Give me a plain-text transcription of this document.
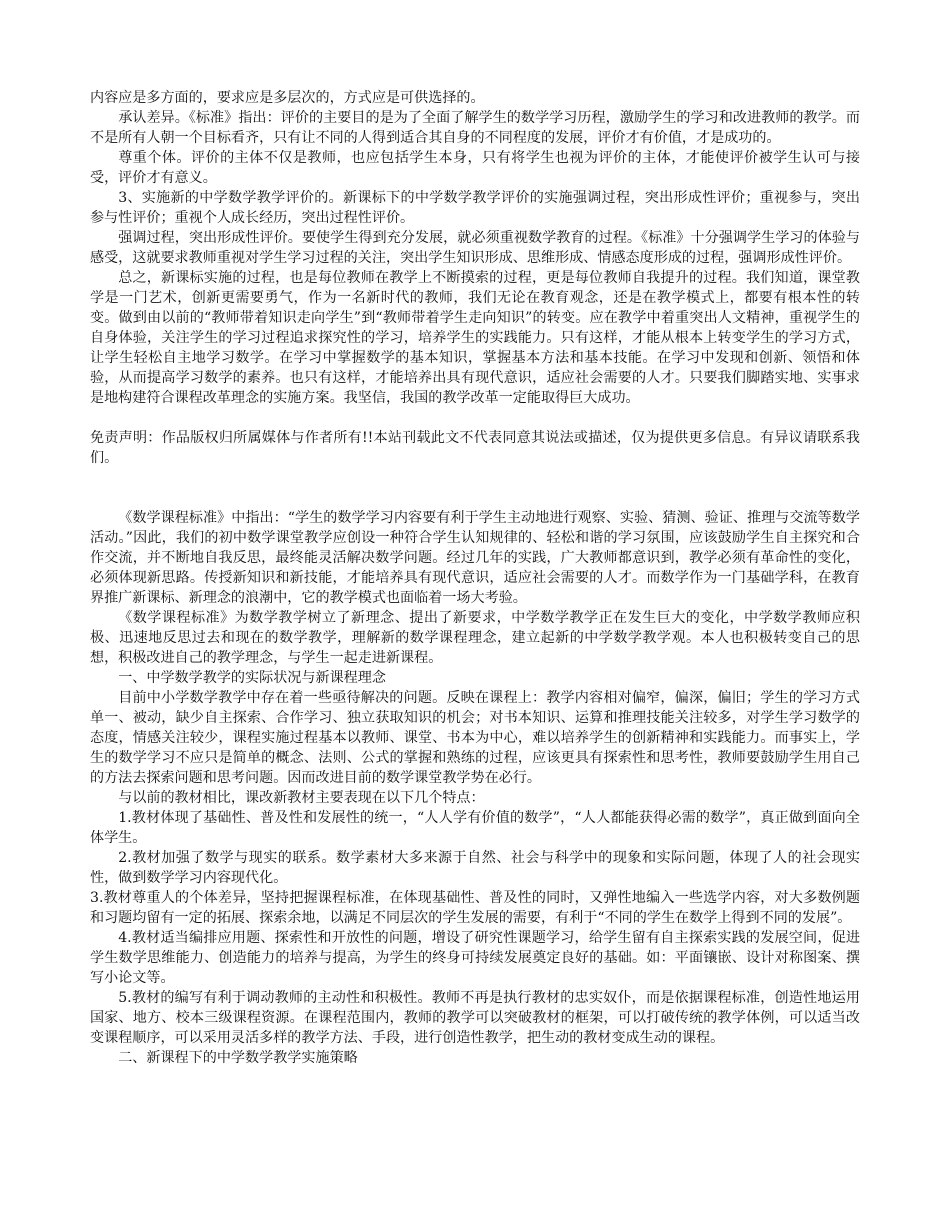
内容应是多方面的，要求应是多层次的，方式应是可供选择的。

承认差异。《标准》指出：评价的主要目的是为了全面了解学生的数学学习历程，激励学生的学习和改进教师的教学。而不是所有人朝一个目标看齐，只有让不同的人得到适合其自身的不同程度的发展，评价才有价值，才是成功的。

尊重个体。评价的主体不仅是教师，也应包括学生本身，只有将学生也视为评价的主体，才能使评价被学生认可与接受，评价才有意义。

3、实施新的中学数学教学评价的。新课标下的中学数学教学评价的实施强调过程，突出形成性评价；重视参与，突出参与性评价；重视个人成长经历，突出过程性评价。

强调过程，突出形成性评价。要使学生得到充分发展，就必须重视数学教育的过程。《标准》十分强调学生学习的体验与感受，这就要求教师重视对学生学习过程的关注，突出学生知识形成、思维形成、情感态度形成的过程，强调形成性评价。

总之，新课标实施的过程，也是每位教师在教学上不断摸索的过程，更是每位教师自我提升的过程。我们知道，课堂教学是一门艺术，创新更需要勇气，作为一名新时代的教师，我们无论在教育观念，还是在教学模式上，都要有根本性的转变。做到由以前的“教师带着知识走向学生”到“教师带着学生走向知识”的转变。应在教学中着重突出人文精神，重视学生的自身体验，关注学生的学习过程追求探究性的学习，培养学生的实践能力。只有这样，才能从根本上转变学生的学习方式，让学生轻松自主地学习数学。在学习中掌握数学的基本知识，掌握基本方法和基本技能。在学习中发现和创新、领悟和体验，从而提高学习数学的素养。也只有这样，才能培养出具有现代意识，适应社会需要的人才。只要我们脚踏实地、实事求是地构建符合课程改革理念的实施方案。我坚信，我国的教学改革一定能取得巨大成功。

免责声明：作品版权归所属媒体与作者所有!!本站刊载此文不代表同意其说法或描述，仅为提供更多信息。有异议请联系我们。

《数学课程标准》中指出：“学生的数学学习内容要有利于学生主动地进行观察、实验、猜测、验证、推理与交流等数学活动。”因此，我们的初中数学课堂教学应创设一种符合学生认知规律的、轻松和谐的学习氛围，应该鼓励学生自主探究和合作交流，并不断地自我反思，最终能灵活解决数学问题。经过几年的实践，广大教师都意识到，教学必须有革命性的变化，必须体现新思路。传授新知识和新技能，才能培养具有现代意识，适应社会需要的人才。而数学作为一门基础学科，在教育界推广新课标、新理念的浪潮中，它的教学模式也面临着一场大考验。

《数学课程标准》为数学教学树立了新理念、提出了新要求，中学数学教学正在发生巨大的变化，中学数学教师应积极、迅速地反思过去和现在的数学教学，理解新的数学课程理念，建立起新的中学数学教学观。本人也积极转变自己的思想，积极改进自己的教学理念，与学生一起走进新课程。

一、中学数学教学的实际状况与新课程理念

目前中小学数学教学中存在着一些亟待解决的问题。反映在课程上：教学内容相对偏窄，偏深，偏旧；学生的学习方式单一、被动，缺少自主探索、合作学习、独立获取知识的机会；对书本知识、运算和推理技能关注较多，对学生学习数学的态度，情感关注较少，课程实施过程基本以教师、课堂、书本为中心，难以培养学生的创新精神和实践能力。而事实上，学生的数学学习不应只是简单的概念、法则、公式的掌握和熟练的过程，应该更具有探索性和思考性，教师要鼓励学生用自己的方法去探索问题和思考问题。因而改进目前的数学课堂教学势在必行。

与以前的教材相比，课改新教材主要表现在以下几个特点：

1.教材体现了基础性、普及性和发展性的统一，“人人学有价值的数学”，“人人都能获得必需的数学”，真正做到面向全体学生。

2.教材加强了数学与现实的联系。数学素材大多来源于自然、社会与科学中的现象和实际问题，体现了人的社会现实性，做到数学学习内容现代化。

3.教材尊重人的个体差异，坚持把握课程标准，在体现基础性、普及性的同时，又弹性地编入一些选学内容，对大多数例题和习题均留有一定的拓展、探索余地，以满足不同层次的学生发展的需要，有利于“不同的学生在数学上得到不同的发展”。

4.教材适当编排应用题、探索性和开放性的问题，增设了研究性课题学习，给学生留有自主探索实践的发展空间，促进学生数学思维能力、创造能力的培养与提高，为学生的终身可持续发展奠定良好的基础。如：平面镶嵌、设计对称图案、撰写小论文等。

5.教材的编写有利于调动教师的主动性和积极性。教师不再是执行教材的忠实奴仆，而是依据课程标准，创造性地运用国家、地方、校本三级课程资源。在课程范围内，教师的教学可以突破教材的框架，可以打破传统的教学体例，可以适当改变课程顺序，可以采用灵活多样的教学方法、手段，进行创造性教学，把生动的教材变成生动的课程。

二、新课程下的中学数学教学实施策略
